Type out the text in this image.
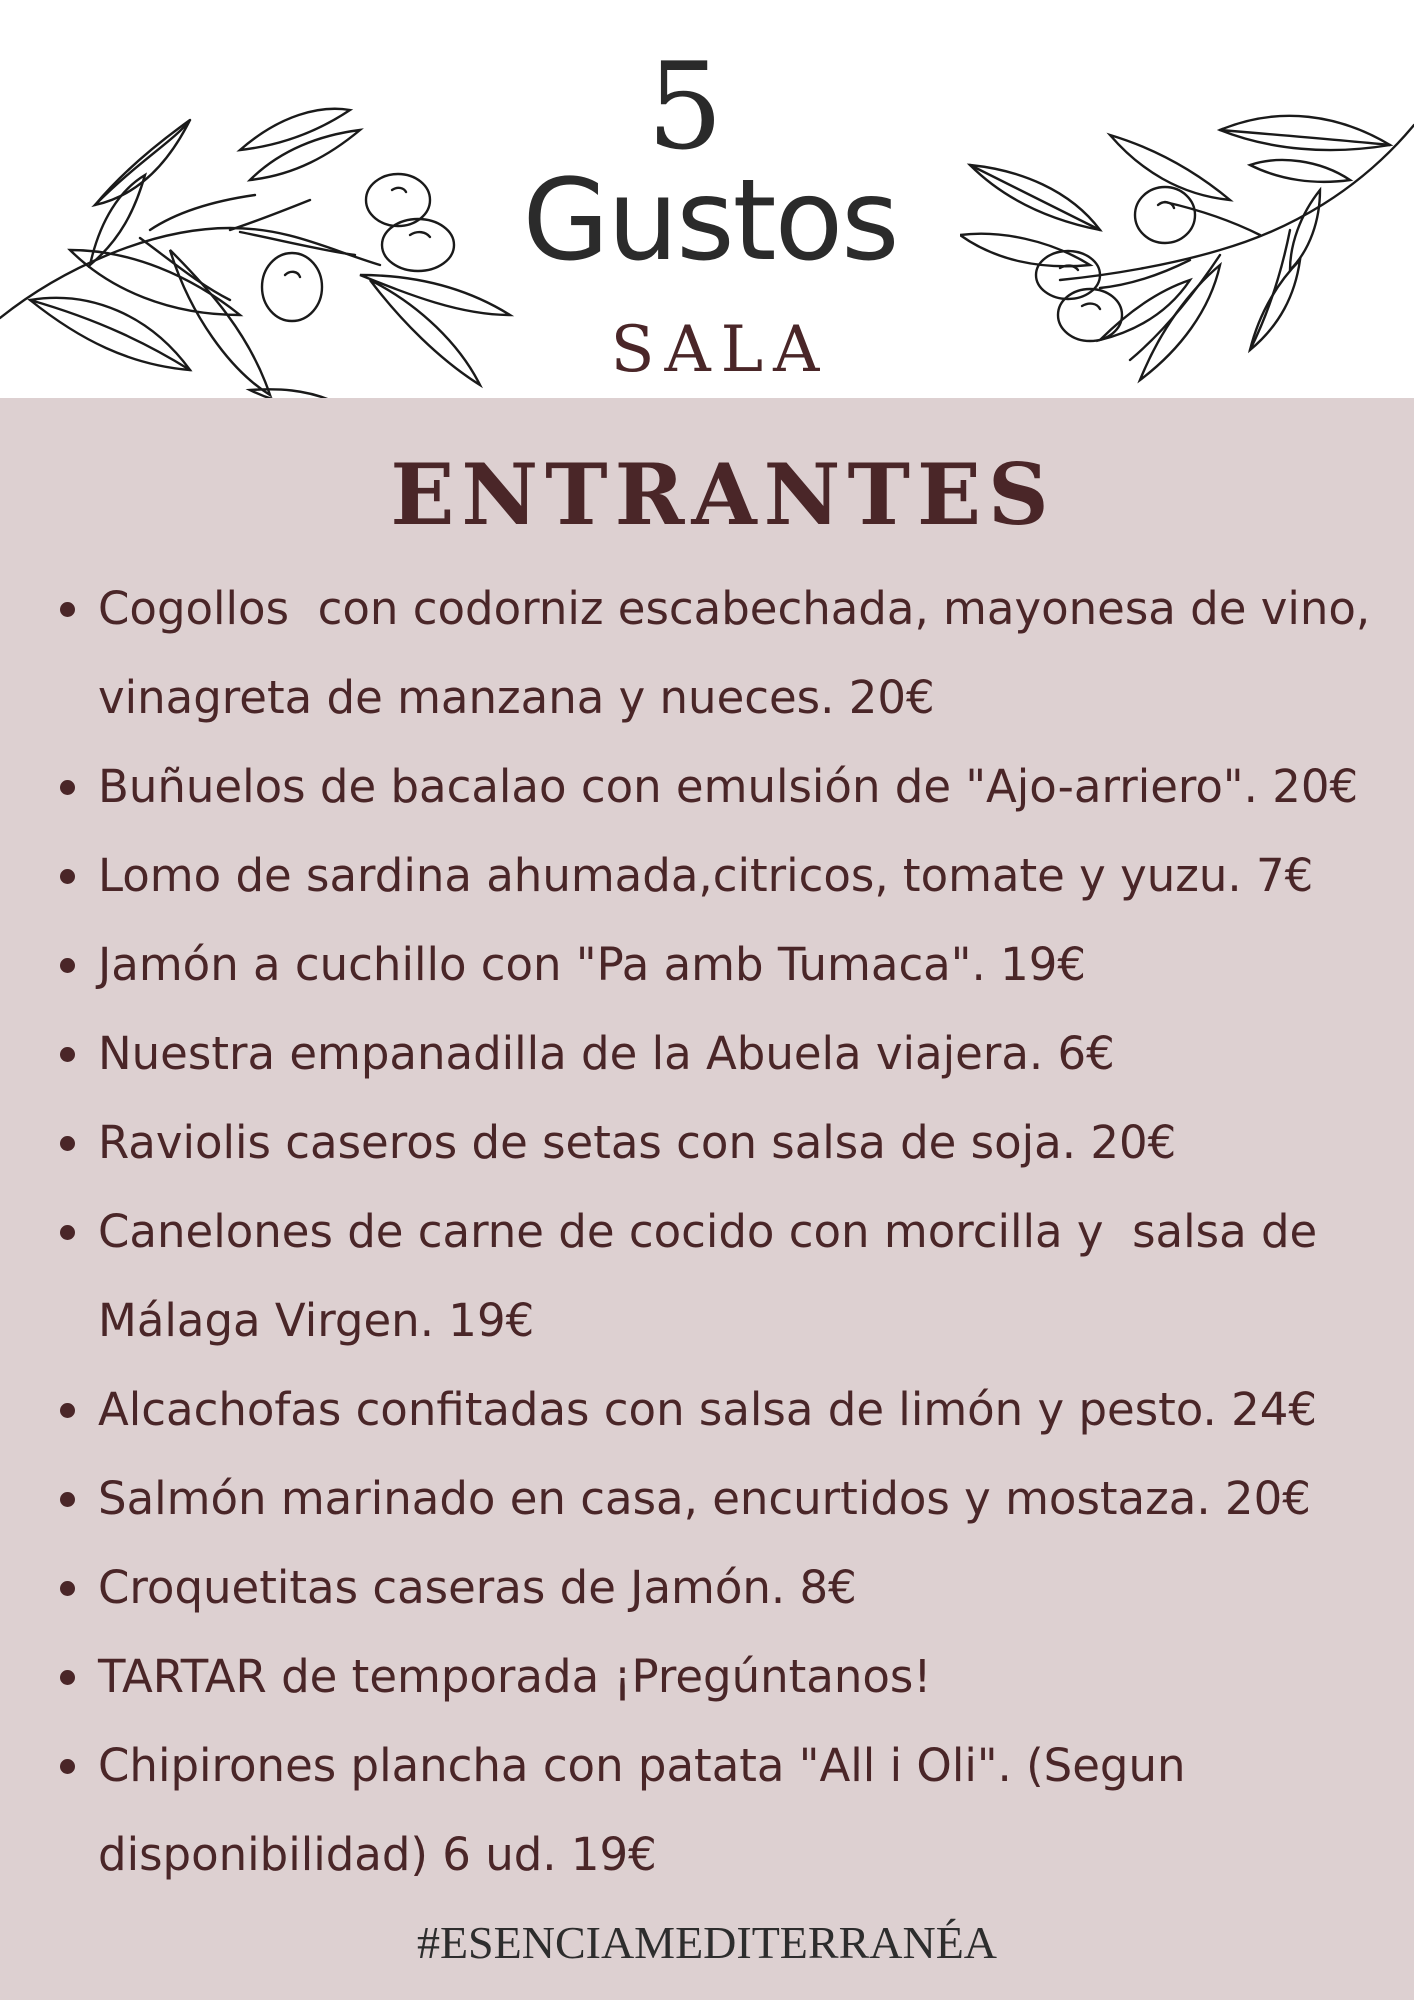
5
Gustos
SALA
ENTRANTES
Cogollos  con codorniz escabechada, mayonesa de vino, vinagreta de manzana y nueces. 20€
Buñuelos de bacalao con emulsión de "Ajo-arriero". 20€
Lomo de sardina ahumada,citricos, tomate y yuzu. 7€
Jamón a cuchillo con "Pa amb Tumaca". 19€
Nuestra empanadilla de la Abuela viajera. 6€
Raviolis caseros de setas con salsa de soja. 20€
Canelones de carne de cocido con morcilla y  salsa de Málaga Virgen. 19€
Alcachofas confitadas con salsa de limón y pesto. 24€
Salmón marinado en casa, encurtidos y mostaza. 20€
Croquetitas caseras de Jamón. 8€
TARTAR de temporada ¡Pregúntanos!
Chipirones plancha con patata "All i Oli". (Segun disponibilidad) 6 ud. 19€
#ESENCIAMEDITERRANÉA
